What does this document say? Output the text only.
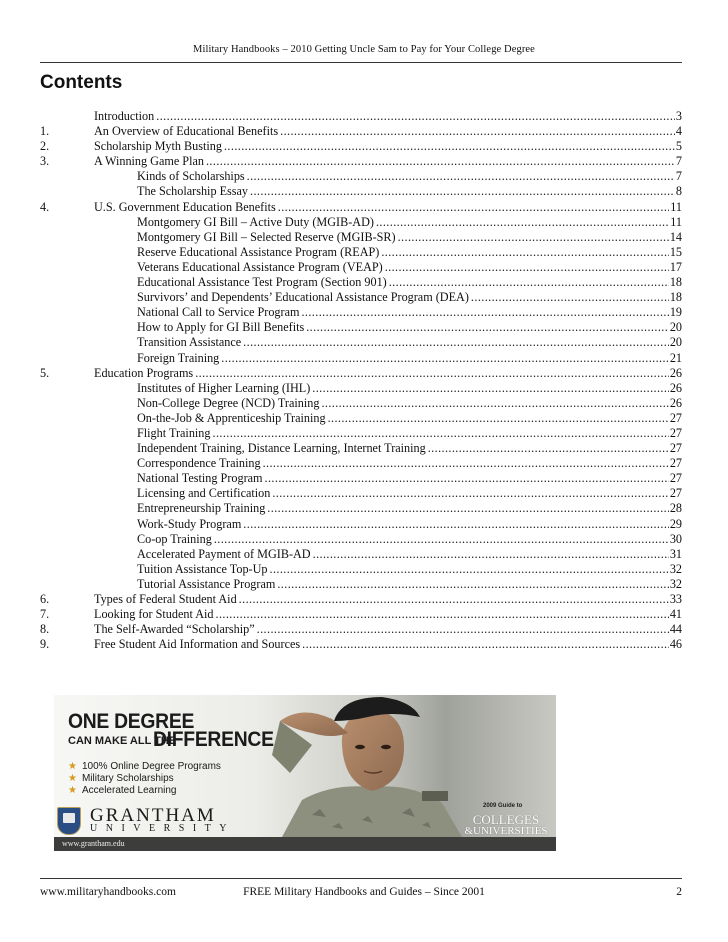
Military Handbooks – 2010 Getting Uncle Sam to Pay for Your College Degree
Contents
Introduction .....	3
1.	An Overview of Educational Benefits .....	4
2.	Scholarship Myth Busting .....	5
3.	A Winning Game Plan .....	7
Kinds of Scholarships .....	7
The Scholarship Essay .....	8
4.	U.S. Government Education Benefits .....	11
Montgomery GI Bill – Active Duty (MGIB-AD) .....	11
Montgomery GI Bill – Selected Reserve (MGIB-SR) .....	14
Reserve Educational Assistance Program (REAP) .....	15
Veterans Educational Assistance Program (VEAP) .....	17
Educational Assistance Test Program (Section 901) .....	18
Survivors’ and Dependents’ Educational Assistance Program (DEA) .....	18
National Call to Service Program .....	19
How to Apply for GI Bill Benefits .....	20
Transition Assistance .....	20
Foreign Training .....	21
5.	Education Programs .....	26
Institutes of Higher Learning (IHL) .....	26
Non-College Degree (NCD) Training .....	26
On-the-Job & Apprenticeship Training .....	27
Flight Training .....	27
Independent Training, Distance Learning, Internet Training .....	27
Correspondence Training .....	27
National Testing Program .....	27
Licensing and Certification .....	27
Entrepreneurship Training .....	28
Work-Study Program .....	29
Co-op Training .....	30
Accelerated Payment of MGIB-AD .....	31
Tuition Assistance Top-Up .....	32
Tutorial Assistance Program .....	32
6.	Types of Federal Student Aid .....	33
7.	Looking for Student Aid .....	41
8.	The Self-Awarded “Scholarship” .....	44
9.	Free Student Aid Information and Sources .....	46
ONE DEGREE
CAN MAKE ALL THE
DIFFERENCE
★ 100% Online Degree Programs
★ Military Scholarships
★ Accelerated Learning
GRANTHAM
UNIVERSITY
2009 Guide to
COLLEGES
&UNIVERSITIES
www.grantham.edu
www.militaryhandbooks.com	FREE Military Handbooks and Guides – Since 2001	2
